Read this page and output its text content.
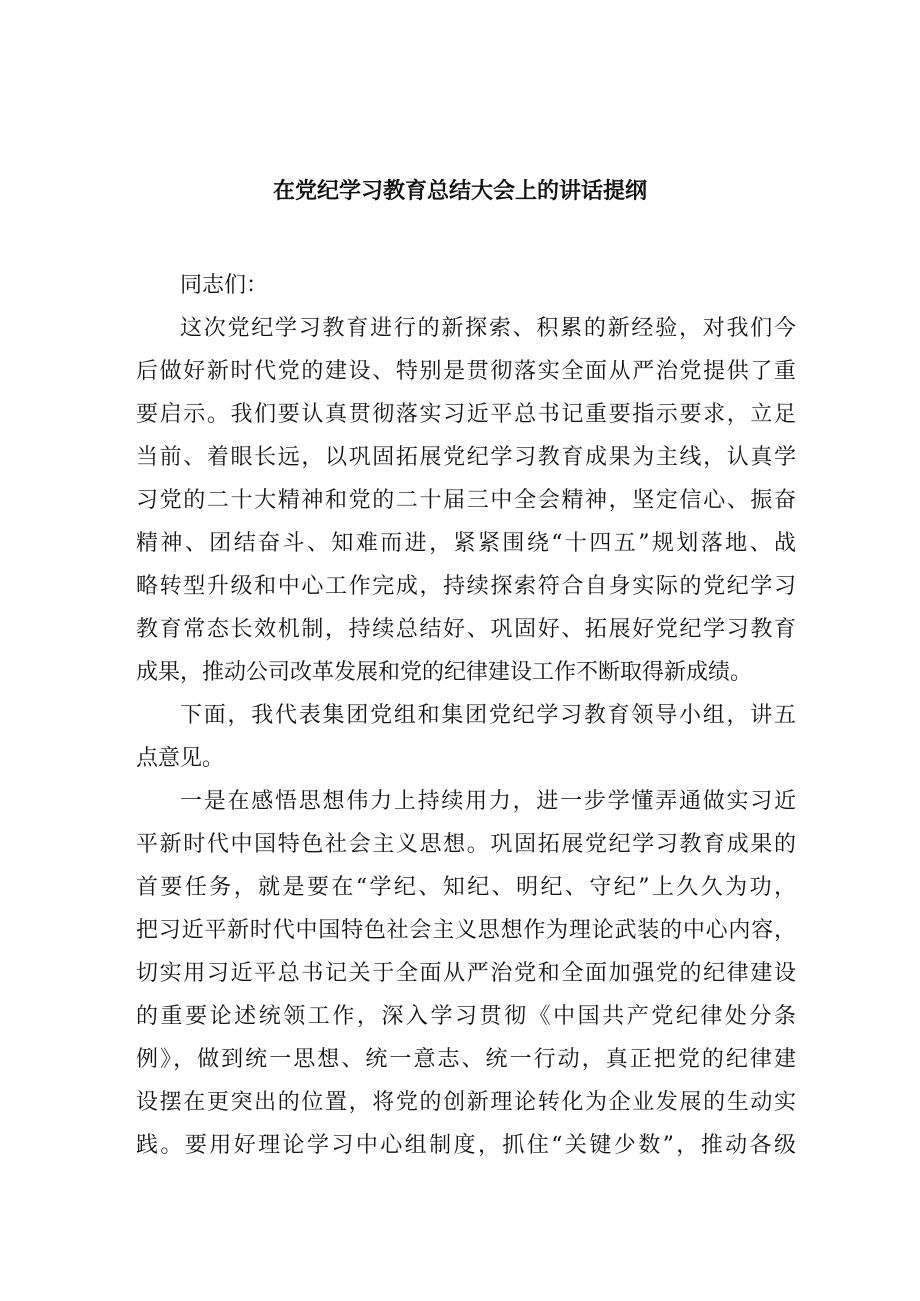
在党纪学习教育总结大会上的讲话提纲
同志们：
这次党纪学习教育进行的新探索、积累的新经验，对我们今
后做好新时代党的建设、特别是贯彻落实全面从严治党提供了重
要启示。我们要认真贯彻落实习近平总书记重要指示要求，立足
当前、着眼长远，以巩固拓展党纪学习教育成果为主线，认真学
习党的二十大精神和党的二十届三中全会精神，坚定信心、振奋
精神、团结奋斗、知难而进，紧紧围绕“十四五”规划落地、战
略转型升级和中心工作完成，持续探索符合自身实际的党纪学习
教育常态长效机制，持续总结好、巩固好、拓展好党纪学习教育
成果，推动公司改革发展和党的纪律建设工作不断取得新成绩。
下面，我代表集团党组和集团党纪学习教育领导小组，讲五
点意见。
一是在感悟思想伟力上持续用力，进一步学懂弄通做实习近
平新时代中国特色社会主义思想。巩固拓展党纪学习教育成果的
首要任务，就是要在“学纪、知纪、明纪、守纪”上久久为功，
把习近平新时代中国特色社会主义思想作为理论武装的中心内容，
切实用习近平总书记关于全面从严治党和全面加强党的纪律建设
的重要论述统领工作，深入学习贯彻《中国共产党纪律处分条
例》，做到统一思想、统一意志、统一行动，真正把党的纪律建
设摆在更突出的位置，将党的创新理论转化为企业发展的生动实
践。要用好理论学习中心组制度，抓住“关键少数”，推动各级
